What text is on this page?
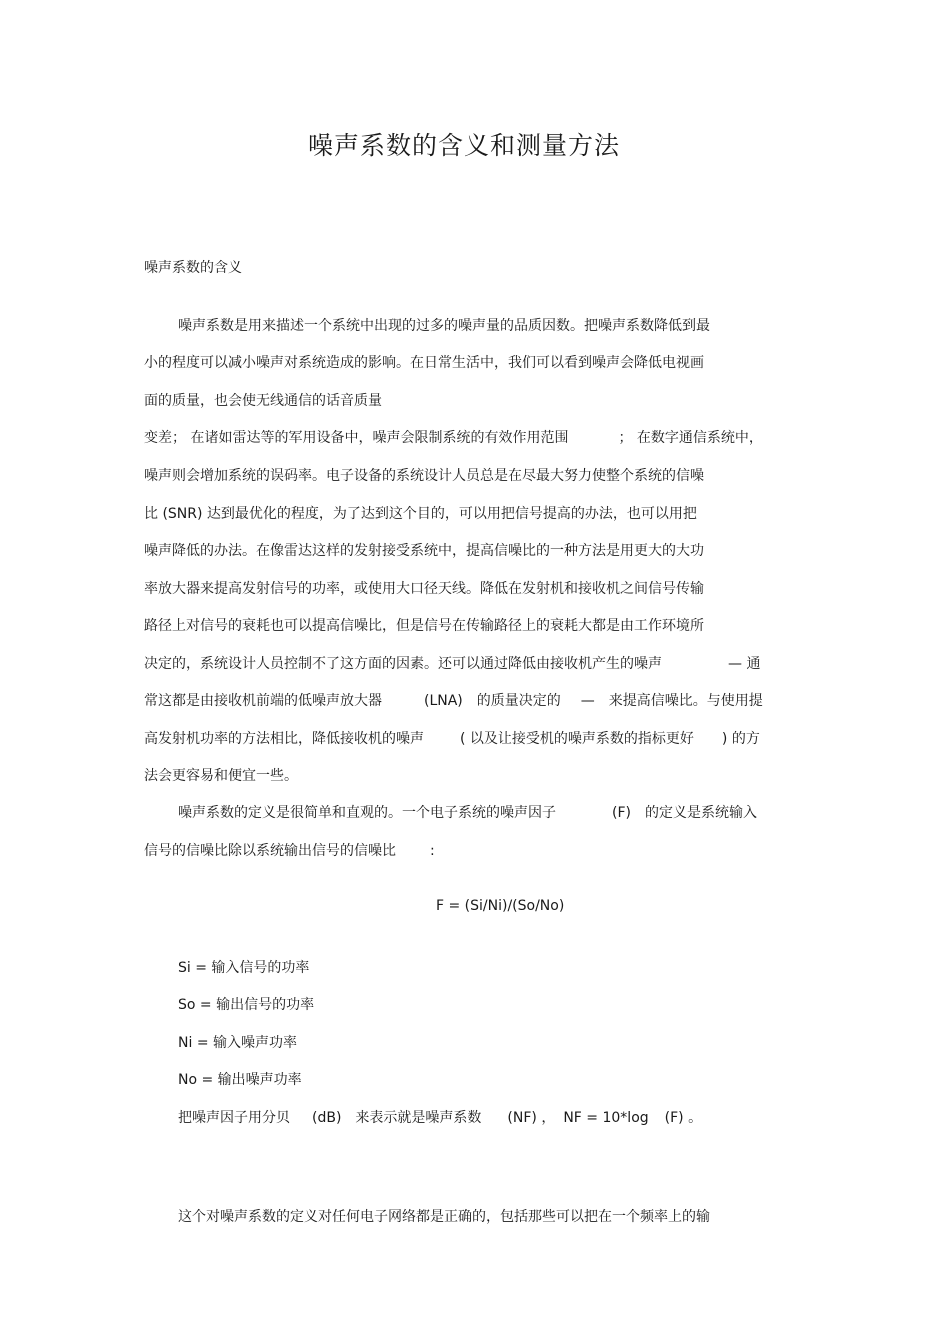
噪声系数的含义和测量方法
噪声系数的含义
噪声系数是用来描述一个系统中出现的过多的噪声量的品质因数。把噪声系数降低到最
小的程度可以减小噪声对系统造成的影响。在日常生活中，我们可以看到噪声会降低电视画
面的质量，也会使无线通信的话音质量
变差； 在诸如雷达等的军用设备中，噪声会限制系统的有效作用范围	； 在数字通信系统中，
噪声则会增加系统的误码率。电子设备的系统设计人员总是在尽最大努力使整个系统的信噪
比 (SNR) 达到最优化的程度，为了达到这个目的，可以用把信号提高的办法，也可以用把
噪声降低的办法。在像雷达这样的发射接受系统中，提高信噪比的一种方法是用更大的大功
率放大器来提高发射信号的功率，或使用大口径天线。降低在发射机和接收机之间信号传输
路径上对信号的衰耗也可以提高信噪比，但是信号在传输路径上的衰耗大都是由工作环境所
决定的，系统设计人员控制不了这方面的因素。还可以通过降低由接收机产生的噪声	— 通
常这都是由接收机前端的低噪声放大器	(LNA) 的质量决定的 — 来提高信噪比。与使用提
高发射机功率的方法相比，降低接收机的噪声	( 以及让接受机的噪声系数的指标更好 ) 的方
法会更容易和便宜一些。
噪声系数的定义是很简单和直观的。一个电子系统的噪声因子	(F) 的定义是系统输入
信号的信噪比除以系统输出信号的信噪比 :
F = (Si/Ni)/(So/No)
Si = 输入信号的功率
So = 输出信号的功率
Ni = 输入噪声功率
No = 输出噪声功率
把噪声因子用分贝 (dB) 来表示就是噪声系数 (NF) ， NF = 10*log (F) 。
这个对噪声系数的定义对任何电子网络都是正确的，包括那些可以把在一个频率上的输
